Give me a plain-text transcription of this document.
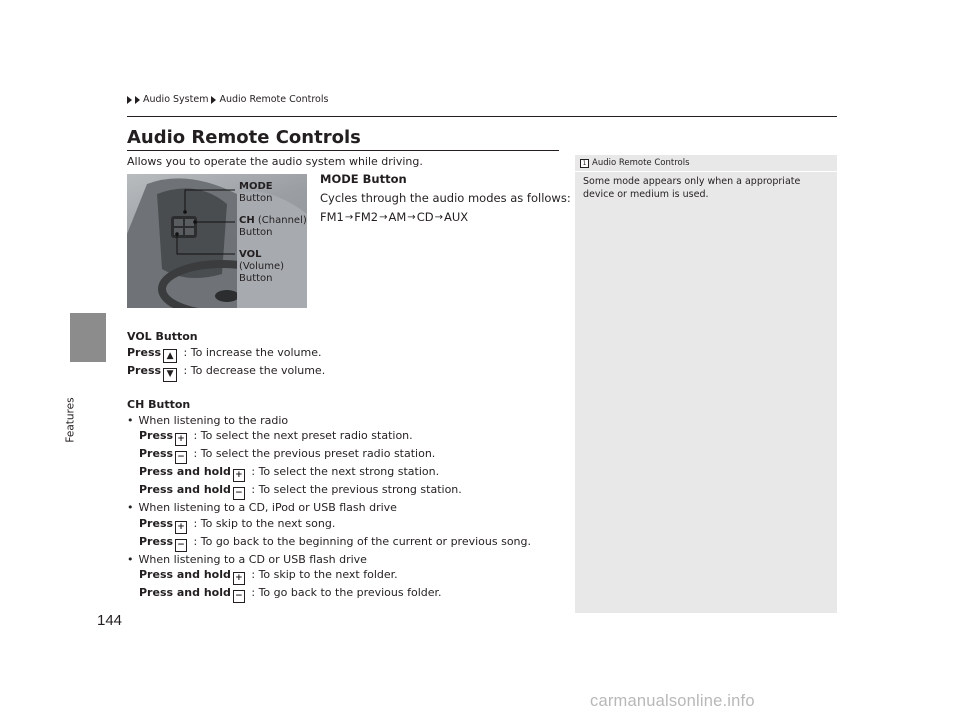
Features
144
Audio System Audio Remote Controls
Audio Remote Controls
Allows you to operate the audio system while driving.
MODE
Button
CH (Channel)
Button
VOL
(Volume)
Button
MODE Button
Cycles through the audio modes as follows:
FM1 → FM2 → AM → CD → AUX
VOL Button
Press ▲ : To increase the volume.
Press ▼ : To decrease the volume.
CH Button
• When listening to the radio
Press + : To select the next preset radio station.
Press − : To select the previous preset radio station.
Press and hold + : To select the next strong station.
Press and hold − : To select the previous strong station.
• When listening to a CD, iPod or USB flash drive
Press + : To skip to the next song.
Press − : To go back to the beginning of the current or previous song.
• When listening to a CD or USB flash drive
Press and hold + : To skip to the next folder.
Press and hold − : To go back to the previous folder.
1 Audio Remote Controls
Some mode appears only when a appropriate device or medium is used.
carmanualsonline.info
